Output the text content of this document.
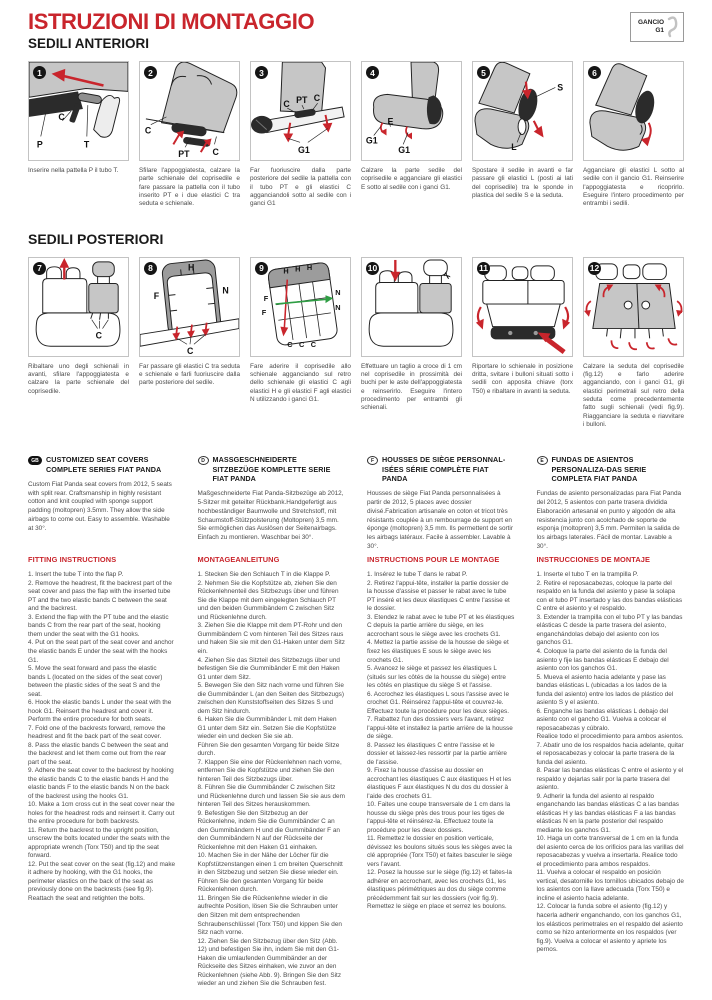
ISTRUZIONI DI MONTAGGIO
SEDILI ANTERIORI
GANCIO
G1
1
P
C
T
Inserire nella pattella P il tubo T.
2
C
PT	C
Sfilare l'appoggiatesta, calzare la parte schienale del coprisedile e fare passare la pattella con il tubo inserito PT e i due elastici C tra seduta e schienale.
3
C PT C
G1
Far fuoriuscire dalla parte posteriore del sedile la pattella con il tubo PT e gli elastici C agganciandoli sotto al sedile con i ganci G1
4
G1
E
G1
Calzare la parte sedile del coprisedile e agganciare gli elastici E sotto al sedile con i ganci G1.
5
S
L
Spostare il sedile in avanti e far passare gli elastici L (posti ai lati del coprisedile) tra le sponde in plastica del sedile S e la seduta.
6
Agganciare gli elastici L sotto al sedile con il gancio G1. Reinserire l'appoggiatesta e ricoprirlo. Eseguire l'intero procedimento per entrambi i sedili.
SEDILI POSTERIORI
7
C
Ribaltare uno degli schienali in avanti, sfilare l'appoggiatesta e calzare la parte schienale del coprisedile.
8	H
F
N
C
Far passare gli elastici C tra seduta e schienale e farli fuoriuscire dalla parte posteriore del sedile.
9	H H H
F
N
F
N
C C C
Fare aderire il coprisedile allo schienale agganciando sul retro dello schienale gli elastici C agli elastici H e gli elastici F agli elastici N utilizzando i ganci G1.
10
✂
Effettuare un taglio a croce di 1 cm nel coprisedile in prossimità dei buchi per le aste dell'appoggiatesta e reinserirlo. Eseguire l'intero procedimento per entrambi gli schienali.
11
Riportare lo schienale in posizione dritta, svitare i bulloni situati sotto i sedili con apposita chiave (torx T50) e ribaltare in avanti la seduta.
12
Calzare la seduta del coprisedile (fig.12) e farlo aderire agganciando, con i ganci G1, gli elastici perimetrali sul retro della seduta come precedentemente fatto sugli schienali (vedi fig.9). Riagganciare la seduta e riavvitare i bulloni.
GB	CUSTOMIZED SEAT COVERS COMPLETE SERIES FIAT PANDA

Custom Fiat Panda seat covers from 2012, 5 seats with split rear. Craftsmanship in highly resistant cotton and knit coupled with sponge support padding (moltopren) 3.5mm. They allow the side airbags to come out. Easy to assemble. Washable at 30°.

FITTING INSTRUCTIONS

1. Insert the tube T into the flap P.

2. Remove the headrest, fit the backrest part of the seat cover and pass the flap with the inserted tube PT and the two elastic bands C between the seat and the backrest.

3. Extend the flap with the PT tube and the elastic bands C from the rear part of the seat, hooking them under the seat with the G1 hooks.

4. Put on the seat part of the seat cover and anchor the elastic bands E under the seat with the hooks G1.

5. Move the seat forward and pass the elastic bands L (located on the sides of the seat cover) between the plastic sides of the seat S and the seat.

6. Hook the elastic bands L under the seat with the hook G1. Reinsert the headrest and cover it.

Perform the entire procedure for both seats.

7. Fold one of the backrests forward, remove the headrest and fit the back part of the seat cover.

8. Pass the elastic bands C between the seat and the backrest and let them come out from the rear part of the seat.

9. Adhere the seat cover to the backrest by hooking the elastic bands C to the elastic bands H and the elastic bands F to the elastic bands N on the back of the backrest using the hooks G1.

10. Make a 1cm cross cut in the seat cover near the holes for the headrest rods and reinsert it. Carry out the entire procedure for both backrests.

11. Return the backrest to the upright position, unscrew the bolts located under the seats with the appropriate wrench (Torx T50) and tip the seat forward.

12. Put the seat cover on the seat (fig.12) and make it adhere by hooking, with the G1 hooks, the perimeter elastics on the back of the seat as previously done on the backrests (see fig.9). Reattach the seat and retighten the bolts.

D	MASSGESCHNEIDERTE SITZBEZÜGE KOMPLETTE SERIE FIAT PANDA

Maßgeschneiderte Fiat Panda-Sitzbezüge ab 2012, 5-Sitzer mit geteilter Rückbank.Handgefertigt aus hochbeständiger Baumwolle und Stretchstoff, mit Schaumstoff-Stützpolsterung (Moltopren) 3,5 mm. Sie ermöglichen das Auslösen der Seitenairbags. Einfach zu montieren. Waschbar bei 30°.

MONTAGEANLEITUNG

1. Stecken Sie den Schlauch T in die Klappe P.

2. Nehmen Sie die Kopfstütze ab, ziehen Sie den Rückenlehnenteil des Sitzbezugs über und führen Sie die Klappe mit dem eingelegten Schlauch PT und den beiden Gummibändern C zwischen Sitz und Rückenlehne durch.

3. Ziehen Sie die Klappe mit dem PT-Rohr und den Gummibändern C vom hinteren Teil des Sitzes raus und haken Sie sie mit den G1-Haken unter dem Sitz ein.

4. Ziehen Sie das Sitzteil des Sitzbezugs über und befestigen Sie die Gummibänder E mit den Haken G1 unter dem Sitz.

5. Bewegen Sie den Sitz nach vorne und führen Sie die Gummibänder L (an den Seiten des Sitzbezugs) zwischen den Kunststoffseiten des Sitzes S und dem Sitz hindurch.

6. Haken Sie die Gummibänder L mit dem Haken G1 unter dem Sitz ein. Setzen Sie die Kopfstütze wieder ein und decken Sie sie ab.

Führen Sie den gesamten Vorgang für beide Sitze durch.

7. Klappen Sie eine der Rückenlehnen nach vorne, entfernen Sie die Kopfstütze und ziehen Sie den hinteren Teil des Sitzbezugs über.

8. Führen Sie die Gummibänder C zwischen Sitz und Rückenlehne durch und lassen Sie sie aus dem hinteren Teil des Sitzes herauskommen.

9. Befestigen Sie den Sitzbezug an der Rückenlehne, indem Sie die Gummibänder C an den Gummibändern H und die Gummibänder F an den Gummibändern N auf der Rückseite der Rückenlehne mit den Haken G1 einhaken.

10. Machen Sie in der Nähe der Löcher für die Kopfstützenstangen einen 1 cm breiten Querschnitt in den Sitzbezug und setzen Sie diese wieder ein. Führen Sie den gesamten Vorgang für beide Rückenlehnen durch.

11. Bringen Sie die Rückenlehne wieder in die aufrechte Position, lösen Sie die Schrauben unter den Sitzen mit dem entsprechenden Schraubenschlüssel (Torx T50) und kippen Sie den Sitz nach vorne.

12. Ziehen Sie den Sitzbezug über den Sitz (Abb. 12) und befestigen Sie ihn, indem Sie mit den G1-Haken die umlaufenden Gummibänder an der Rückseite des Sitzes einhaken, wie zuvor an den Rückenlehnen (siehe Abb. 9). Bringen Sie den Sitz wieder an und ziehen Sie die Schrauben fest.

F	HOUSSES DE SIÈGE PERSONNAL-ISÉES SÉRIE COMPLÈTE FIAT PANDA

Housses de siège Fiat Panda personnalisées à partir de 2012, 5 places avec dossier divisé.Fabrication artisanale en coton et tricot très résistants couplée à un rembourrage de support en éponge (moltopren) 3,5 mm. Ils permettent de sortir les airbags latéraux. Facile à assembler. Lavable à 30°.

INSTRUCTIONS POUR LE MONTAGE

1. Insérez le tube T dans le rabat P.

2. Retirez l'appui-tête, installer la partie dossier de la housse d'assise et passer le rabat avec le tube PT inséré et les deux élastiques C entre l'assise et le dossier.

3. Etendez le rabat avec le tube PT et les élastiques C depuis la partie arrière du siège, en les accrochant sous le siège avec les crochets G1.

4. Mettez la partie assise de la housse de siège et fixez les élastiques E sous le siège avec les crochets G1.

5. Avancez le siège et passez les élastiques L (situés sur les côtés de la housse du siège) entre les côtés en plastique du siège S et l'assise.

6. Accrochez les élastiques L sous l'assise avec le crochet G1. Réinsérez l'appui-tête et couvrez-le.

Effectuez toute la procédure pour les deux sièges.

7. Rabattez l'un des dossiers vers l'avant, retirez l'appui-tête et installez la partie arrière de la housse de siège.

8. Passez les élastiques C entre l'assise et le dossier et laissez-les ressortir par la partie arrière de l'assise.

9. Fixez la housse d'assise au dossier en accrochant les élastiques C aux élastiques H et les élastiques F aux élastiques N du dos du dossier à l'aide des crochets G1.

10. Faites une coupe transversale de 1 cm dans la housse du siège près des trous pour les tiges de l'appui-tête et réinsérez-la. Effectuez toute la procédure pour les deux dossiers.

11. Remettez le dossier en position verticale, dévissez les boulons situés sous les sièges avec la clé appropriée (Torx T50) et faites basculer le siège vers l'avant.

12. Posez la housse sur le siège (fig.12) et faites-la adhérer en accrochant, avec les crochets G1, les élastiques périmétriques au dos du siège comme précédemment fait sur les dossiers (voir fig.9). Remettez le siège en place et serrez les boulons.

E	FUNDAS DE ASIENTOS PERSONALIZA-DAS SERIE COMPLETA FIAT PANDA

Fundas de asiento personalizadas para Fiat Panda del 2012, 5 asientos con parte trasera dividida Elaboración artesanal en punto y algodón de alta resistencia junto con acolchado de soporte de esponja (moltopren) 3,5 mm. Permiten la salida de los airbags laterales. Fácil de montar. Lavable a 30°.

INSTRUCCIONES DE MONTAJE

1. Inserte el tubo T en la trampilla P.

2. Retire el reposacabezas, coloque la parte del respaldo en la funda del asiento y pase la solapa con el tubo PT insertado y las dos bandas elásticas C entre el asiento y el respaldo.

3. Extender la trampilla con el tubo PT y las bandas elásticas C desde la parte trasera del asiento, enganchándolas debajo del asiento con los ganchos G1.

4. Coloque la parte del asiento de la funda del asiento y fije las bandas elásticas E debajo del asiento con los ganchos G1.

5. Mueva el asiento hacia adelante y pase las bandas elásticas L (ubicadas a los lados de la funda del asiento) entre los lados de plástico del asiento S y el asiento.

6. Enganche las bandas elásticas L debajo del asiento con el gancho G1. Vuelva a colocar el reposacabezas y cúbralo.

Realice todo el procedimiento para ambos asientos.

7. Abatir uno de los respaldos hacia adelante, quitar el reposacabezas y colocar la parte trasera de la funda del asiento.

8. Pasar las bandas elásticas C entre el asiento y el respaldo y dejarlas salir por la parte trasera del asiento.

9. Adherir la funda del asiento al respaldo enganchando las bandas elásticas C a las bandas elásticas H y las bandas elásticas F a las bandas elásticas N en la parte posterior del respaldo mediante los ganchos G1.

10. Haga un corte transversal de 1 cm en la funda del asiento cerca de los orificios para las varillas del reposacabezas y vuelva a insertarla. Realice todo el procedimiento para ambos respaldos.

11. Vuelva a colocar el respaldo en posición vertical, desatornille los tornillos ubicados debajo de los asientos con la llave adecuada (Torx T50) e incline el asiento hacia adelante.

12. Colocar la funda sobre el asiento (fig.12) y hacerla adherir enganchando, con los ganchos G1, los elásticos perimetrales en el respaldo del asiento como se hizo anteriormente en los respaldos (ver fig.9). Vuelva a colocar el asiento y apriete los pernos.
